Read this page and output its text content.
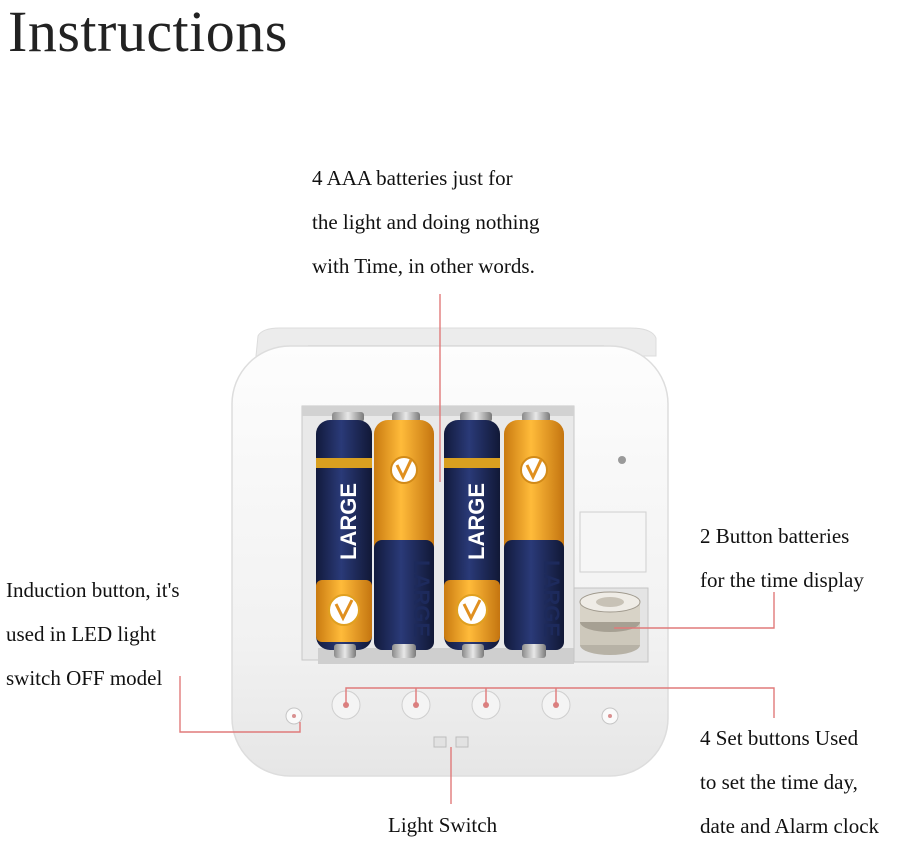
Instructions
4 AAA batteries just for
the light and doing nothing
with Time, in other words.
2 Button batteries
for the time display
Induction button, it's
used in LED light
switch OFF model
4 Set buttons Used
to set the time day,
date and Alarm clock
Light Switch
LARGE
LARGE
LARGE
LARGE
